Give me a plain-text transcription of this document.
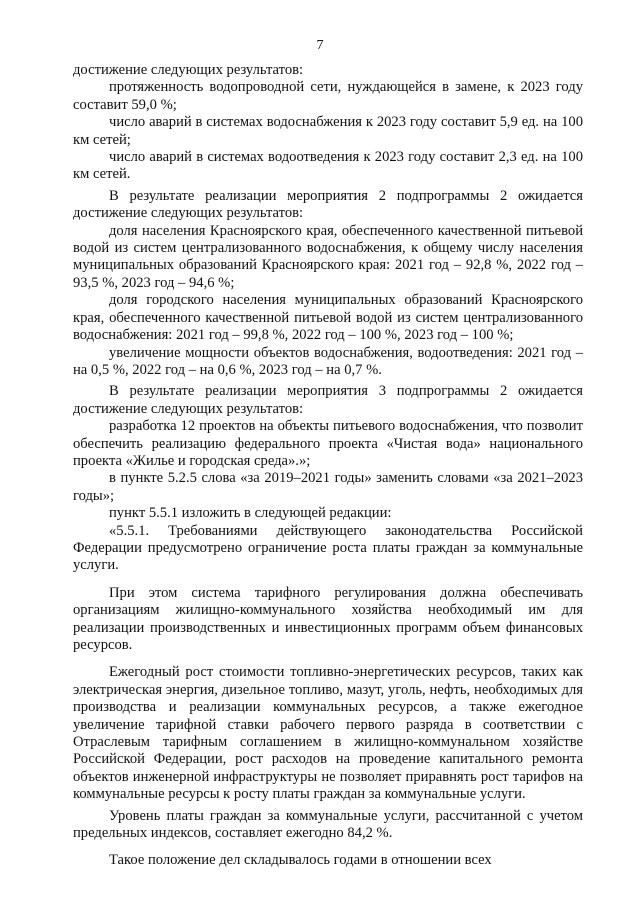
7

достижение следующих результатов:

протяженность водопроводной сети, нуждающейся в замене, к 2023 году составит 59,0 %;

число аварий в системах водоснабжения к 2023 году составит 5,9 ед. на 100 км сетей;

число аварий в системах водоотведения к 2023 году составит 2,3 ед. на 100 км сетей.

В результате реализации мероприятия 2 подпрограммы 2 ожидается достижение следующих результатов:

доля населения Красноярского края, обеспеченного качественной питьевой водой из систем централизованного водоснабжения, к общему числу населения муниципальных образований Красноярского края: 2021 год – 92,8 %, 2022 год – 93,5 %, 2023 год – 94,6 %;

доля городского населения муниципальных образований Красноярского края, обеспеченного качественной питьевой водой из систем централизованного водоснабжения: 2021 год – 99,8 %, 2022 год – 100 %, 2023 год – 100 %;

увеличение мощности объектов водоснабжения, водоотведения: 2021 год – на 0,5 %, 2022 год – на 0,6 %, 2023 год – на 0,7 %.

В результате реализации мероприятия 3 подпрограммы 2 ожидается достижение следующих результатов:

разработка 12 проектов на объекты питьевого водоснабжения, что позволит обеспечить реализацию федерального проекта «Чистая вода» национального проекта «Жилье и городская среда».»;

в пункте 5.2.5 слова «за 2019–2021 годы» заменить словами «за 2021–2023 годы»;

пункт 5.5.1 изложить в следующей редакции:

«5.5.1. Требованиями действующего законодательства Российской Федерации предусмотрено ограничение роста платы граждан за коммунальные услуги.

При этом система тарифного регулирования должна обеспечивать организациям жилищно-коммунального хозяйства необходимый им для реализации производственных и инвестиционных программ объем финансовых ресурсов.

Ежегодный рост стоимости топливно-энергетических ресурсов, таких как электрическая энергия, дизельное топливо, мазут, уголь, нефть, необходимых для производства и реализации коммунальных ресурсов, а также ежегодное увеличение тарифной ставки рабочего первого разряда в соответствии с Отраслевым тарифным соглашением в жилищно-коммунальном хозяйстве Российской Федерации, рост расходов на проведение капитального ремонта объектов инженерной инфраструктуры не позволяет приравнять рост тарифов на коммунальные ресурсы к росту платы граждан за коммунальные услуги.

Уровень платы граждан за коммунальные услуги, рассчитанной с учетом предельных индексов, составляет ежегодно 84,2 %.

Такое положение дел складывалось годами в отношении всех
